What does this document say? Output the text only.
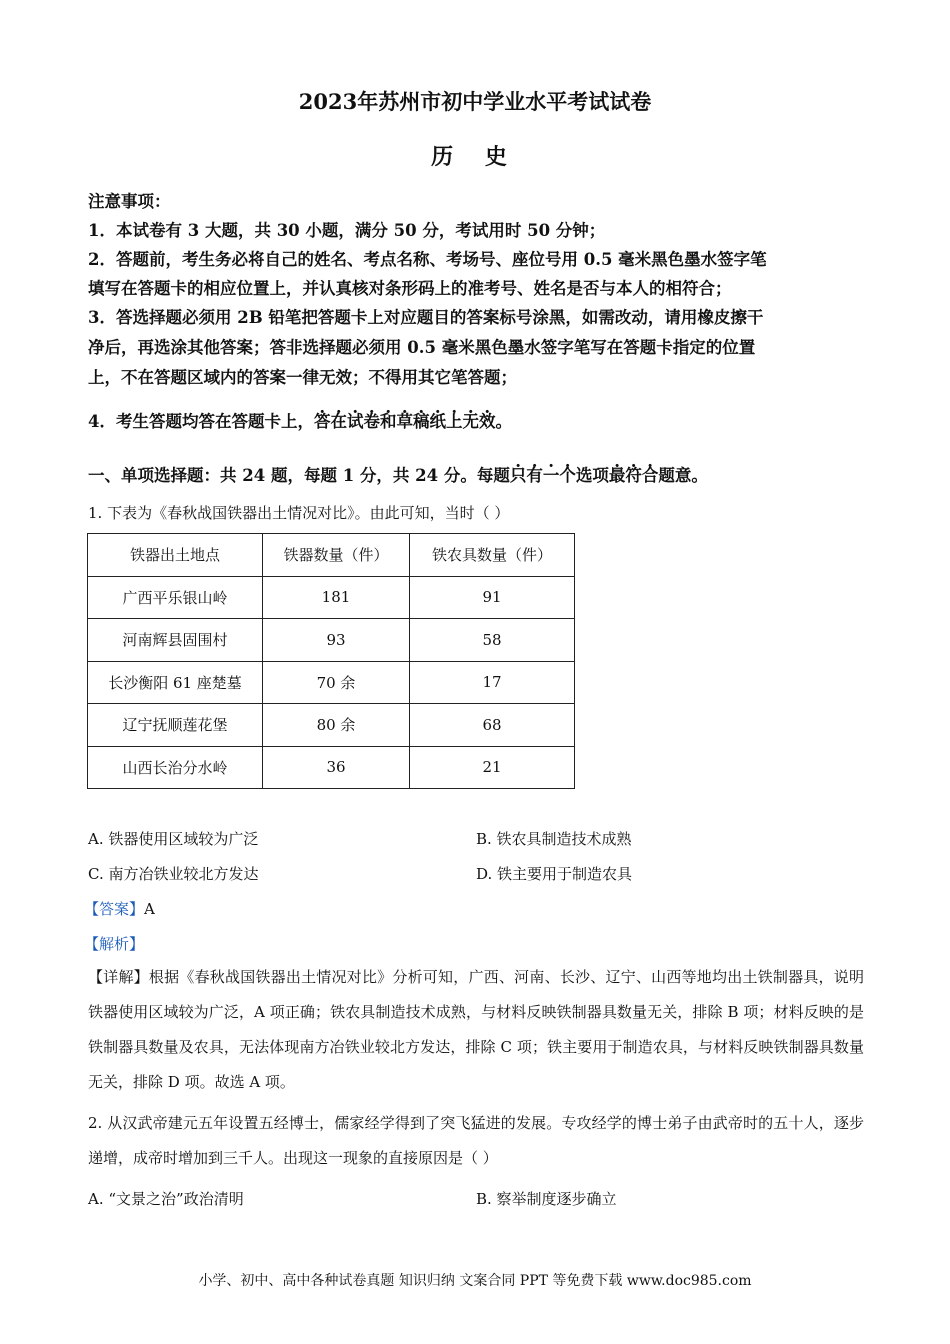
2023年苏州市初中学业水平考试试卷
历 史
注意事项：
1．本试卷有 3 大题，共 30 小题，满分 50 分，考试用时 50 分钟；
2．答题前，考生务必将自己的姓名、考点名称、考场号、座位号用 0.5 毫米黑色墨水签字笔
填写在答题卡的相应位置上，并认真核对条形码上的准考号、姓名是否与本人的相符合；
3．答选择题必须用 2B 铅笔把答题卡上对应题目的答案标号涂黑，如需改动，请用橡皮擦干
净后，再选涂其他答案；答非选择题必须用 0.5 毫米黑色墨水签字笔写在答题卡指定的位置
上，不在答题区域内的答案一律无效；不得用其它笔答题；
4．考生答题均答在答题卡上，答在试卷和草稿纸上无效。
一、单项选择题：共 24 题，每题 1 分，共 24 分。每题只有一个选项最符合题意。
1. 下表为《春秋战国铁器出土情况对比》。由此可知，当时（ ）
铁器出土地点	铁器数量（件）	铁农具数量（件）
广西平乐银山岭	181	91
河南辉县固围村	93	58
长沙衡阳 61 座楚墓	70 余	17
辽宁抚顺莲花堡	80 余	68
山西长治分水岭	36	21
A. 铁器使用区域较为广泛	B. 铁农具制造技术成熟
C. 南方冶铁业较北方发达	D. 铁主要用于制造农具
【答案】A
【解析】
【详解】根据《春秋战国铁器出土情况对比》分析可知，广西、河南、长沙、辽宁、山西等地均出土铁制器具，说明铁器使用区域较为广泛，A 项正确；铁农具制造技术成熟，与材料反映铁制器具数量无关，排除 B 项；材料反映的是铁制器具数量及农具，无法体现南方冶铁业较北方发达，排除 C 项；铁主要用于制造农具，与材料反映铁制器具数量无关，排除 D 项。故选 A 项。
2. 从汉武帝建元五年设置五经博士，儒家经学得到了突飞猛进的发展。专攻经学的博士弟子由武帝时的五十人，逐步递增，成帝时增加到三千人。出现这一现象的直接原因是（ ）
A. “文景之治”政治清明	B. 察举制度逐步确立
小学、初中、高中各种试卷真题 知识归纳 文案合同 PPT 等免费下载 www.doc985.com
